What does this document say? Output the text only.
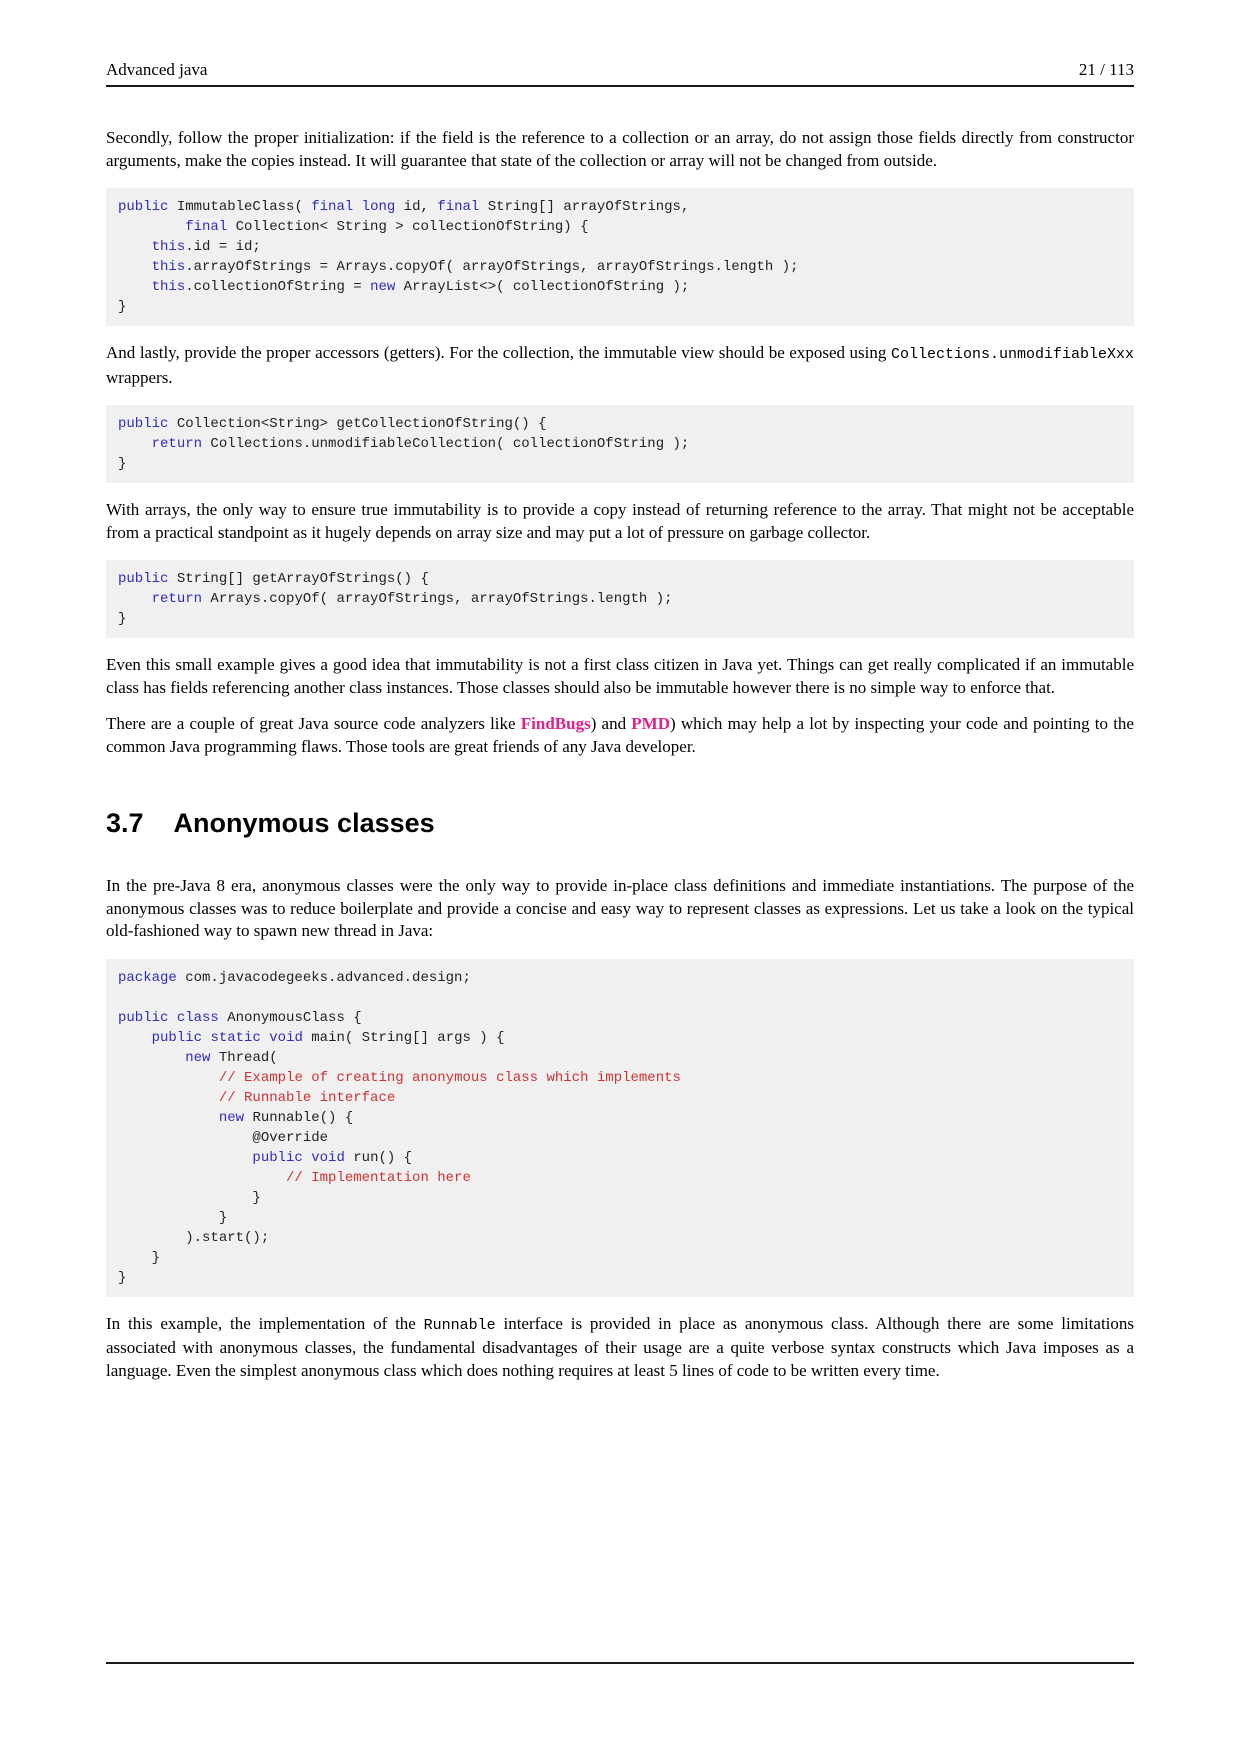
Advanced java	21 / 113

Secondly, follow the proper initialization: if the field is the reference to a collection or an array, do not assign those fields directly from constructor arguments, make the copies instead. It will guarantee that state of the collection or array will not be changed from outside.

public ImmutableClass( final long id, final String[] arrayOfStrings,
final Collection< String > collectionOfString) {
this.id = id;
this.arrayOfStrings = Arrays.copyOf( arrayOfStrings, arrayOfStrings.length );
this.collectionOfString = new ArrayList<>( collectionOfString );
}

And lastly, provide the proper accessors (getters). For the collection, the immutable view should be exposed using Collections.unmodifiableXxx wrappers.

public Collection<String> getCollectionOfString() {
return Collections.unmodifiableCollection( collectionOfString );
}

With arrays, the only way to ensure true immutability is to provide a copy instead of returning reference to the array. That might not be acceptable from a practical standpoint as it hugely depends on array size and may put a lot of pressure on garbage collector.

public String[] getArrayOfStrings() {
return Arrays.copyOf( arrayOfStrings, arrayOfStrings.length );
}

Even this small example gives a good idea that immutability is not a first class citizen in Java yet. Things can get really complicated if an immutable class has fields referencing another class instances. Those classes should also be immutable however there is no simple way to enforce that.

There are a couple of great Java source code analyzers like FindBugs) and PMD) which may help a lot by inspecting your code and pointing to the common Java programming flaws. Those tools are great friends of any Java developer.

3.7 Anonymous classes

In the pre-Java 8 era, anonymous classes were the only way to provide in-place class definitions and immediate instantiations. The purpose of the anonymous classes was to reduce boilerplate and provide a concise and easy way to represent classes as expressions. Let us take a look on the typical old-fashioned way to spawn new thread in Java:

package com.javacodegeeks.advanced.design;

public class AnonymousClass {
public static void main( String[] args ) {
new Thread(
// Example of creating anonymous class which implements
// Runnable interface
new Runnable() {
@Override
public void run() {
// Implementation here
}
}
).start();
}
}

In this example, the implementation of the Runnable interface is provided in place as anonymous class. Although there are some limitations associated with anonymous classes, the fundamental disadvantages of their usage are a quite verbose syntax constructs which Java imposes as a language. Even the simplest anonymous class which does nothing requires at least 5 lines of code to be written every time.
